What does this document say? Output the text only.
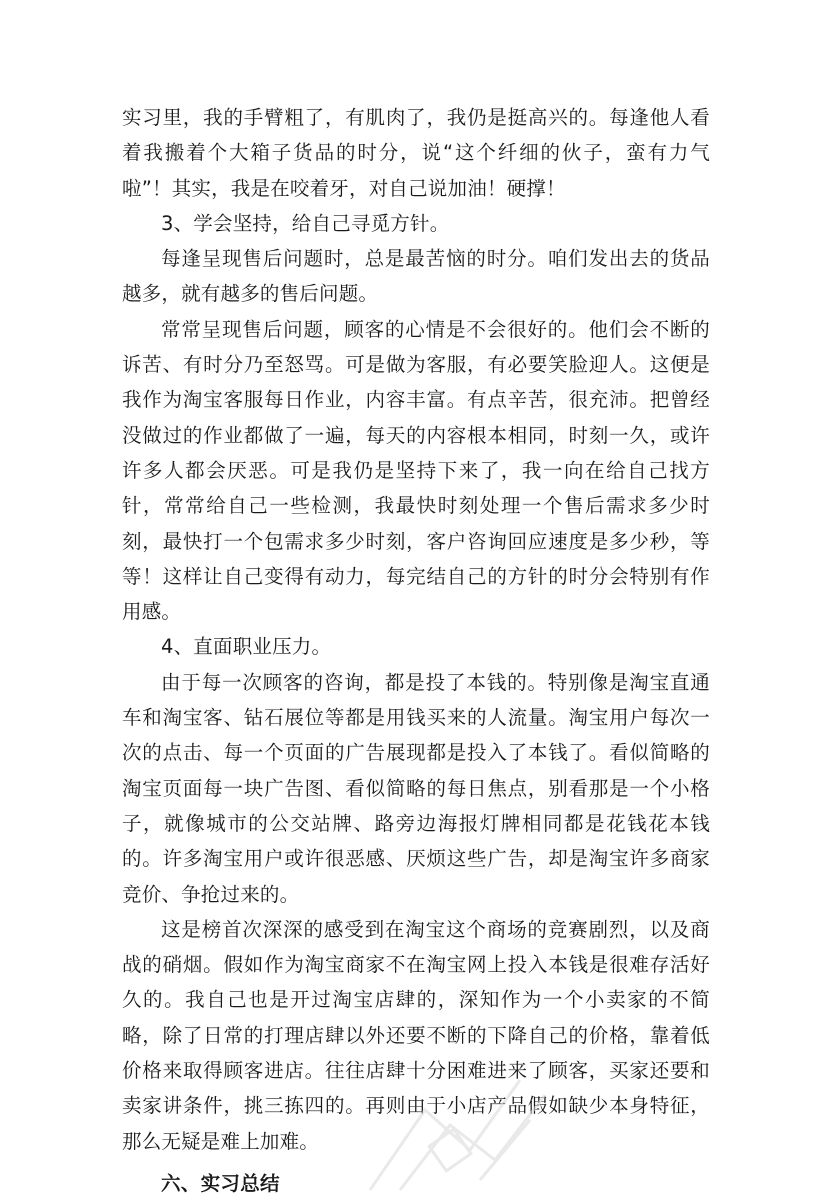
实习里，我的手臂粗了，有肌肉了，我仍是挺高兴的。每逢他人看着我搬着个大箱子货品的时分，说“这个纤细的伙子，蛮有力气啦”！其实，我是在咬着牙，对自己说加油！硬撑！

3、学会坚持，给自己寻觅方针。

每逢呈现售后问题时，总是最苦恼的时分。咱们发出去的货品越多，就有越多的售后问题。

常常呈现售后问题，顾客的心情是不会很好的。他们会不断的诉苦、有时分乃至怒骂。可是做为客服，有必要笑脸迎人。这便是我作为淘宝客服每日作业，内容丰富。有点辛苦，很充沛。把曾经没做过的作业都做了一遍，每天的内容根本相同，时刻一久，或许许多人都会厌恶。可是我仍是坚持下来了，我一向在给自己找方针，常常给自己一些检测，我最快时刻处理一个售后需求多少时刻，最快打一个包需求多少时刻，客户咨询回应速度是多少秒，等等！这样让自己变得有动力，每完结自己的方针的时分会特别有作用感。

4、直面职业压力。

由于每一次顾客的咨询，都是投了本钱的。特别像是淘宝直通车和淘宝客、钻石展位等都是用钱买来的人流量。淘宝用户每次一次的点击、每一个页面的广告展现都是投入了本钱了。看似简略的淘宝页面每一块广告图、看似简略的每日焦点，别看那是一个小格子，就像城市的公交站牌、路旁边海报灯牌相同都是花钱花本钱的。许多淘宝用户或许很恶感、厌烦这些广告，却是淘宝许多商家竞价、争抢过来的。

这是榜首次深深的感受到在淘宝这个商场的竞赛剧烈，以及商战的硝烟。假如作为淘宝商家不在淘宝网上投入本钱是很难存活好久的。我自己也是开过淘宝店肆的，深知作为一个小卖家的不简略，除了日常的打理店肆以外还要不断的下降自己的价格，靠着低价格来取得顾客进店。往往店肆十分困难进来了顾客，买家还要和卖家讲条件，挑三拣四的。再则由于小店产品假如缺少本身特征，那么无疑是难上加难。

六、实习总结
